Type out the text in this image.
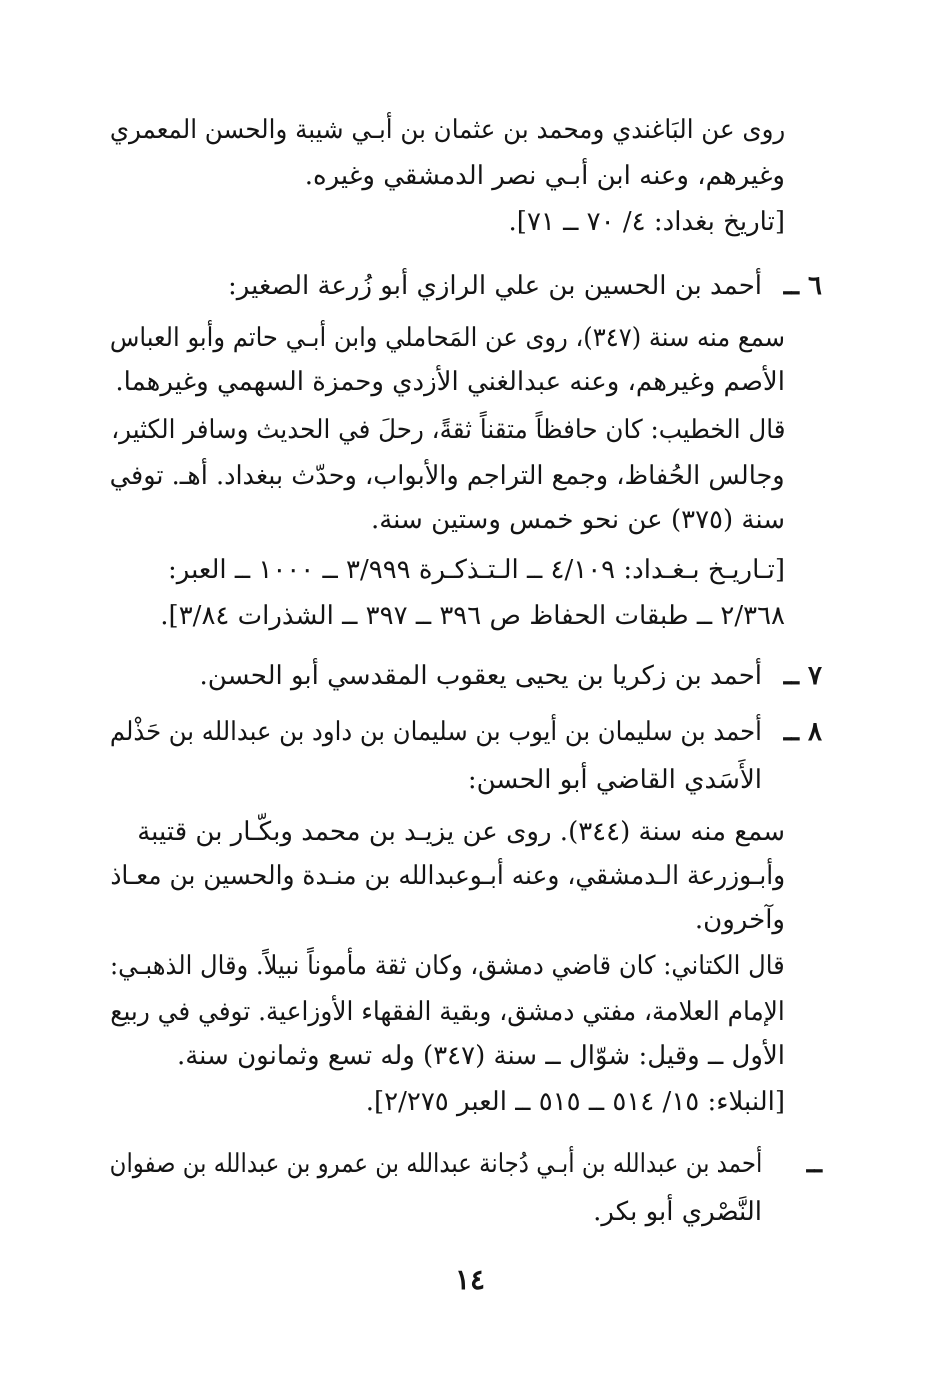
روى عن البَاغندي ومحمد بن عثمان بن أبـي شيبة والحسن المعمري
وغيرهم، وعنه ابن أبـي نصر الدمشقي وغيره.
[تاريخ بغداد: ٤/ ٧٠ ــ ٧١].
٦ ــ
أحمد بن الحسين بن علي الرازي أبو زُرعة الصغير:
سمع منه سنة (٣٤٧)، روى عن المَحاملي وابن أبـي حاتم وأبو العباس
الأصم وغيرهم، وعنه عبدالغني الأزدي وحمزة السهمي وغيرهما.
قال الخطيب: كان حافظاً متقناً ثقةً، رحلَ في الحديث وسافر الكثير،
وجالس الحُفاظ، وجمع التراجم والأبواب، وحدّث ببغداد. أهـ. توفي
سنة (٣٧٥) عن نحو خمس وستين سنة.
[تـاريـخ بـغـداد: ٤/١٠٩ ــ الـتـذكـرة ٣/٩٩٩ ــ ١٠٠٠ ــ العبر:
٢/٣٦٨ ــ طبقات الحفاظ ص ٣٩٦ ــ ٣٩٧ ــ الشذرات ٣/٨٤].
٧ ــ
أحمد بن زكريا بن يحيى يعقوب المقدسي أبو الحسن.
٨ ــ
أحمد بن سليمان بن أيوب بن سليمان بن داود بن عبدالله بن حَذْلم
الأَسَدي القاضي أبو الحسن:
سمع منه سنة (٣٤٤). روى عن يزيـد بن محمد وبكّـار بن قتيبة
وأبـوزرعة الـدمشقي، وعنه أبـوعبدالله بن منـدة والحسين بن معـاذ
وآخرون.
قال الكتاني: كان قاضي دمشق، وكان ثقة مأموناً نبيلاً. وقال الذهبـي:
الإمام العلامة، مفتي دمشق، وبقية الفقهاء الأوزاعية. توفي في ربيع
الأول ــ وقيل: شوّال ــ سنة (٣٤٧) وله تسع وثمانون سنة.
[النبلاء: ١٥/ ٥١٤ ــ ٥١٥ ــ العبر ٢/٢٧٥].
ــ
أحمد بن عبدالله بن أبـي دُجانة عبدالله بن عمرو بن عبدالله بن صفوان
النَّصْري أبو بكر.
١٤
